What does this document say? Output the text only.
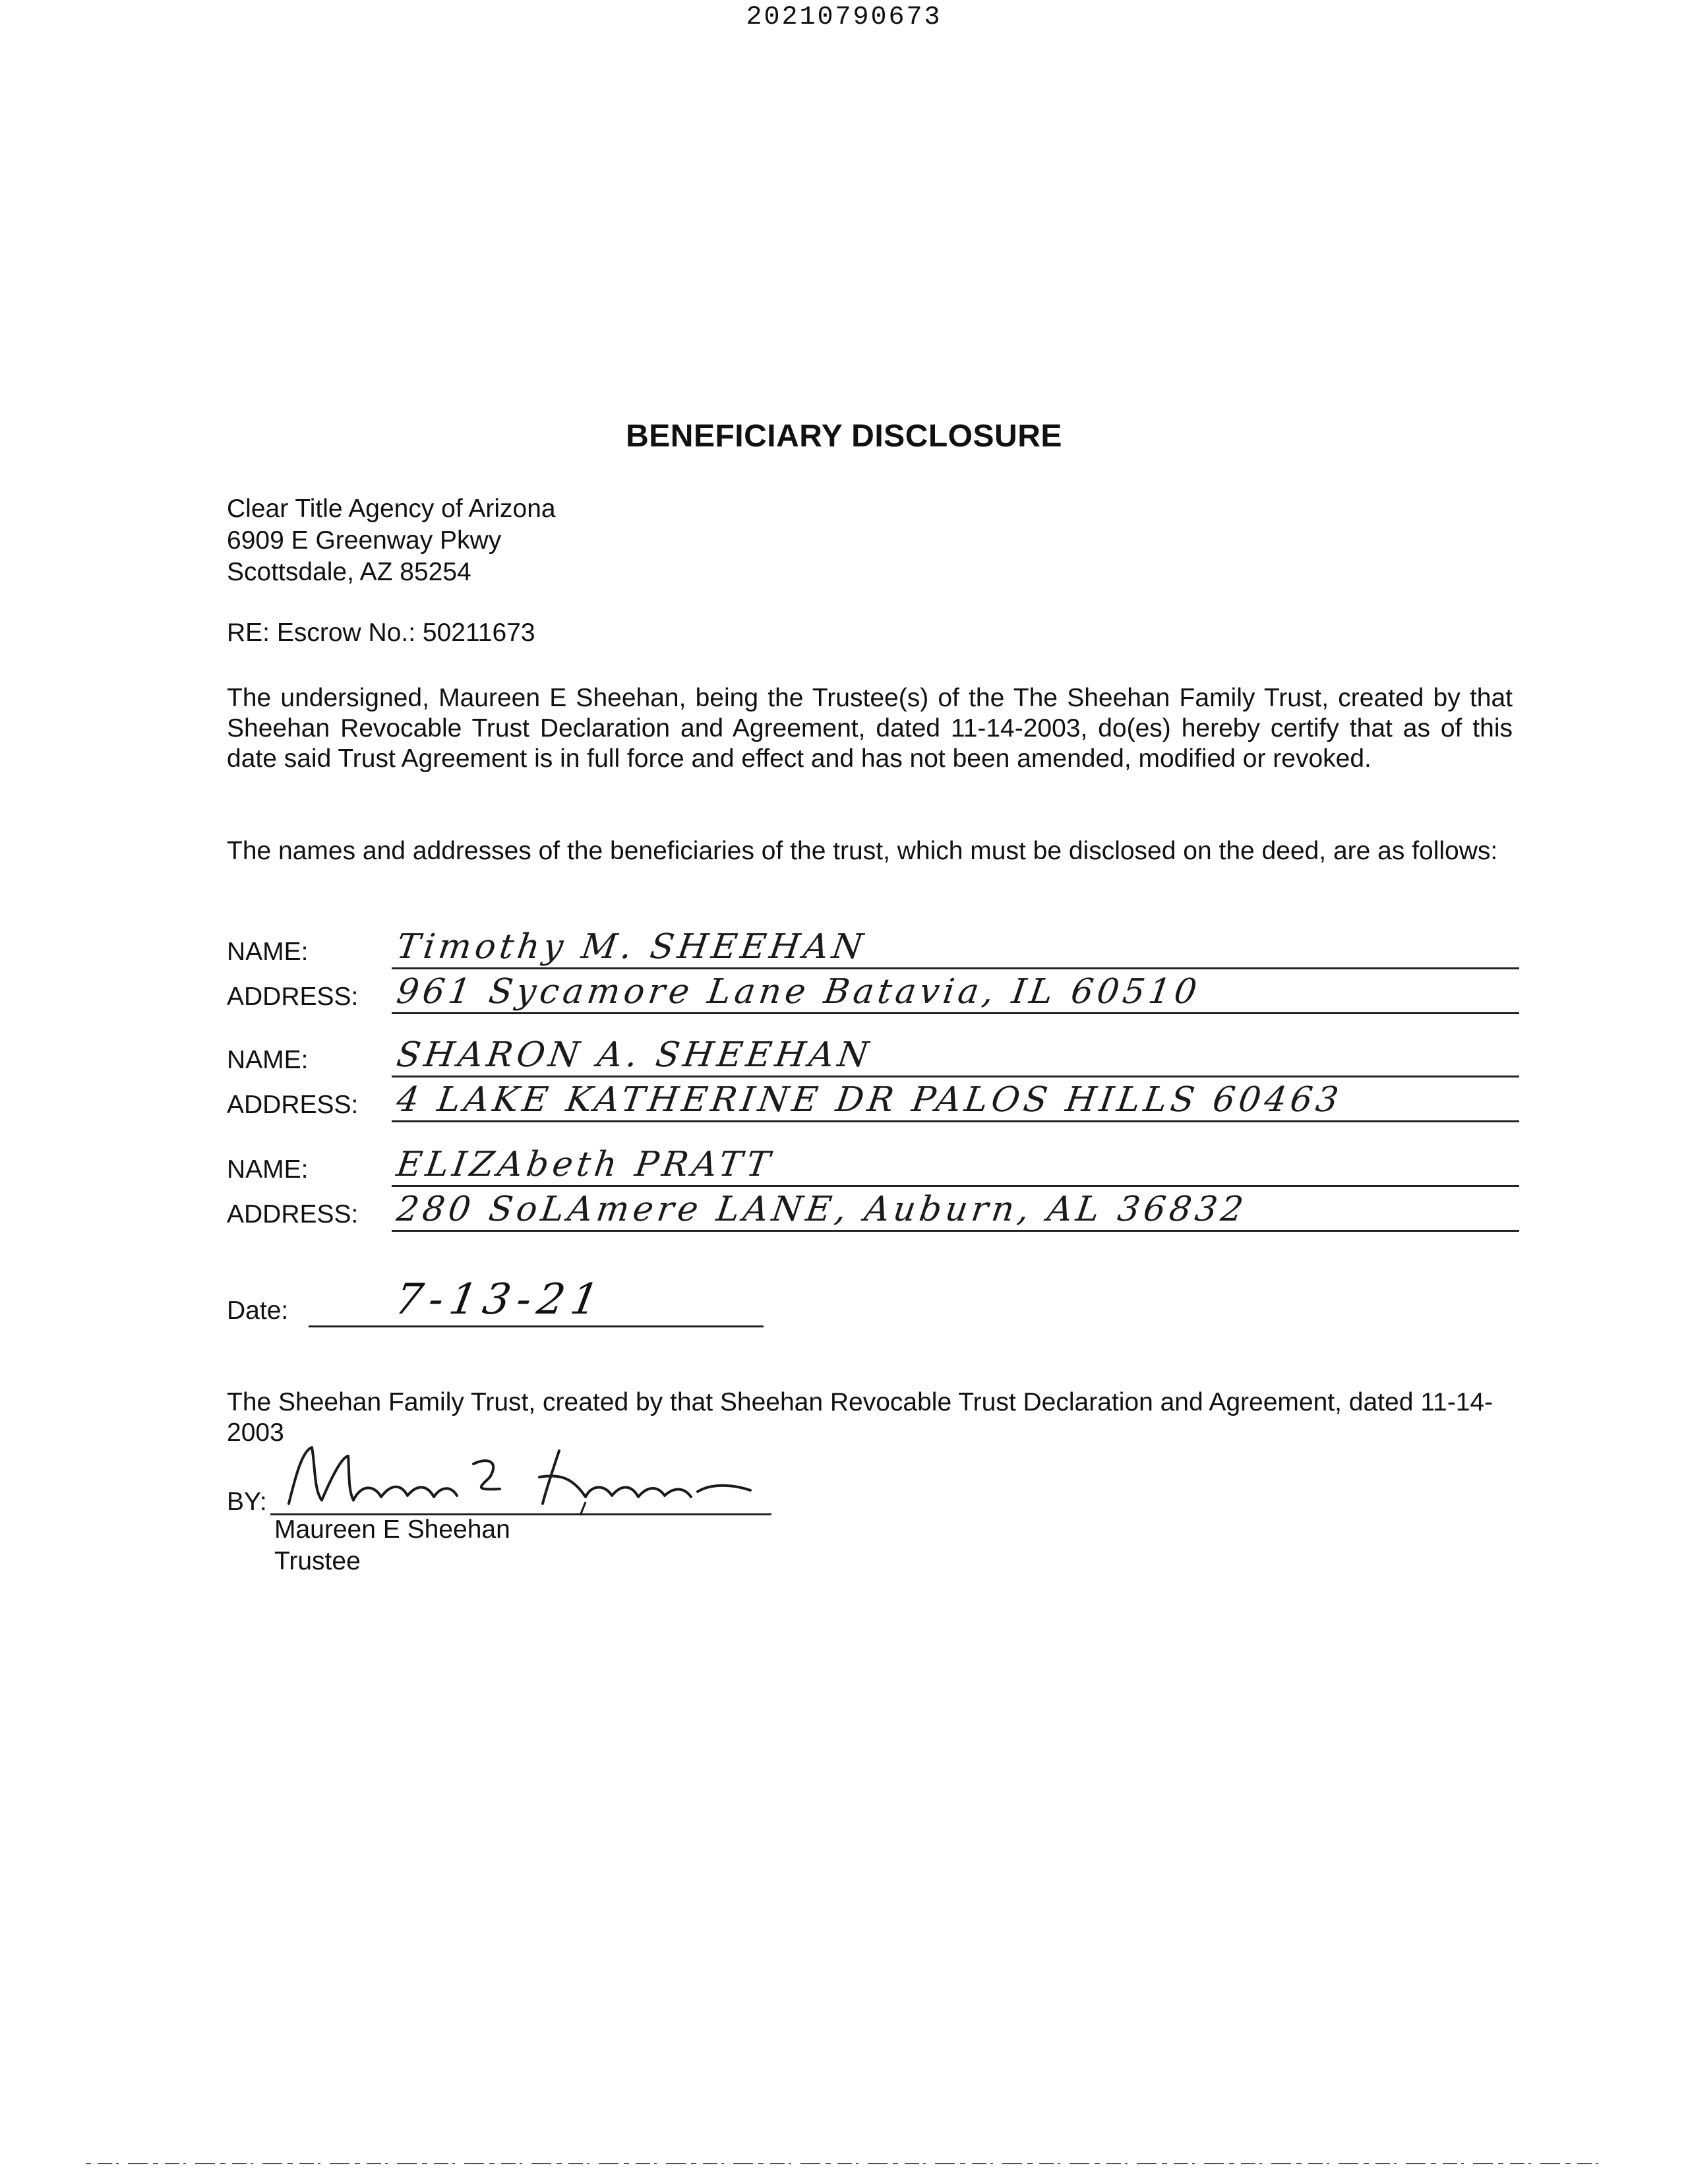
20210790673
BENEFICIARY DISCLOSURE
Clear Title Agency of Arizona
6909 E Greenway Pkwy
Scottsdale, AZ 85254
RE: Escrow No.: 50211673
The undersigned, Maureen E Sheehan, being the Trustee(s) of the The Sheehan Family Trust, created by that Sheehan Revocable Trust Declaration and Agreement, dated 11-14-2003, do(es) hereby certify that as of this date said Trust Agreement is in full force and effect and has not been amended, modified or revoked.
The names and addresses of the beneficiaries of the trust, which must be disclosed on the deed, are as follows:
NAME:	Timothy M. SHEEHAN
ADDRESS: 961 Sycamore Lane Batavia, IL 60510
NAME:	SHARON A. SHEEHAN
ADDRESS: 4 LAKE KATHERINE DR PALOS HILLS 60463
NAME:	ELIZAbeth PRATT
ADDRESS: 280 SoLAmere LANE, Auburn, AL 36832
Date: 7-13-21
The Sheehan Family Trust, created by that Sheehan Revocable Trust Declaration and Agreement, dated 11-14-2003
BY:
Maureen E Sheehan
Trustee
